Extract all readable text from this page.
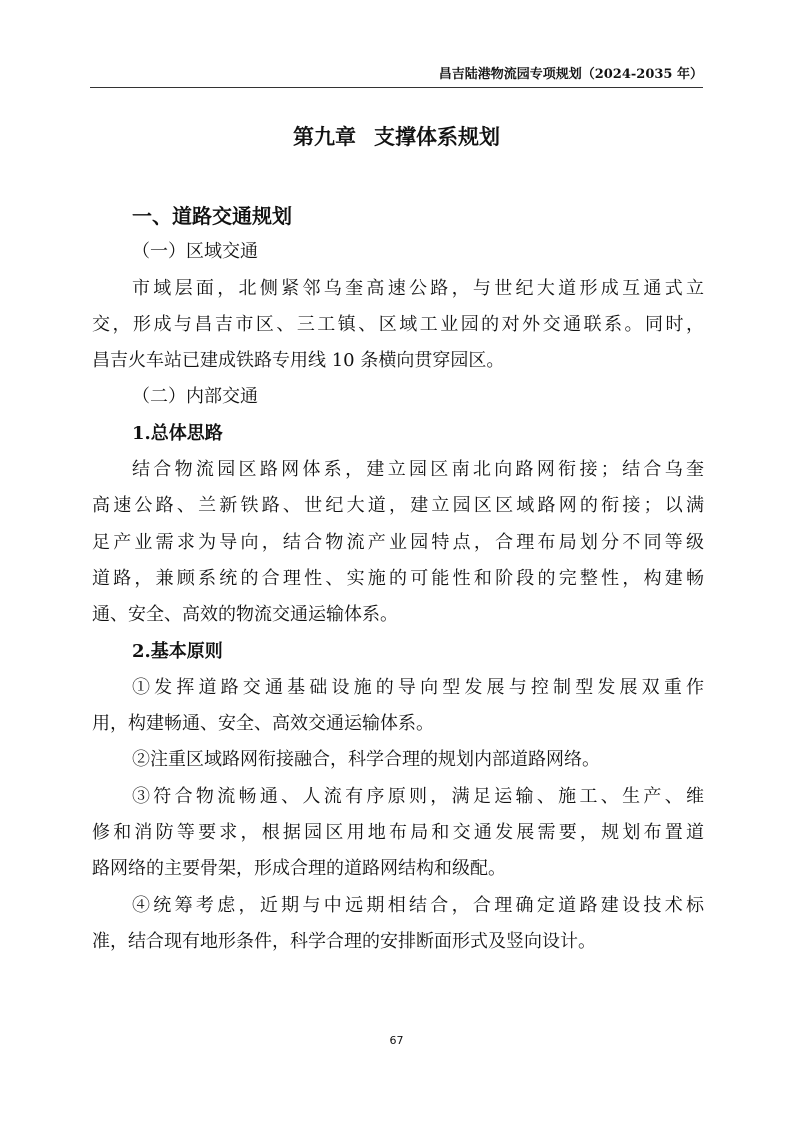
昌吉陆港物流园专项规划（2024-2035 年）
第九章 支撑体系规划
一、道路交通规划
（一）区域交通
市域层面，北侧紧邻乌奎高速公路，与世纪大道形成互通式立
交，形成与昌吉市区、三工镇、区域工业园的对外交通联系。同时，
昌吉火车站已建成铁路专用线 10 条横向贯穿园区。
（二）内部交通
1.总体思路
结合物流园区路网体系，建立园区南北向路网衔接；结合乌奎
高速公路、兰新铁路、世纪大道，建立园区区域路网的衔接；以满
足产业需求为导向，结合物流产业园特点，合理布局划分不同等级
道路，兼顾系统的合理性、实施的可能性和阶段的完整性，构建畅
通、安全、高效的物流交通运输体系。
2.基本原则
①发挥道路交通基础设施的导向型发展与控制型发展双重作
用，构建畅通、安全、高效交通运输体系。
②注重区域路网衔接融合，科学合理的规划内部道路网络。
③符合物流畅通、人流有序原则，满足运输、施工、生产、维
修和消防等要求，根据园区用地布局和交通发展需要，规划布置道
路网络的主要骨架，形成合理的道路网结构和级配。
④统筹考虑，近期与中远期相结合，合理确定道路建设技术标
准，结合现有地形条件，科学合理的安排断面形式及竖向设计。
67
